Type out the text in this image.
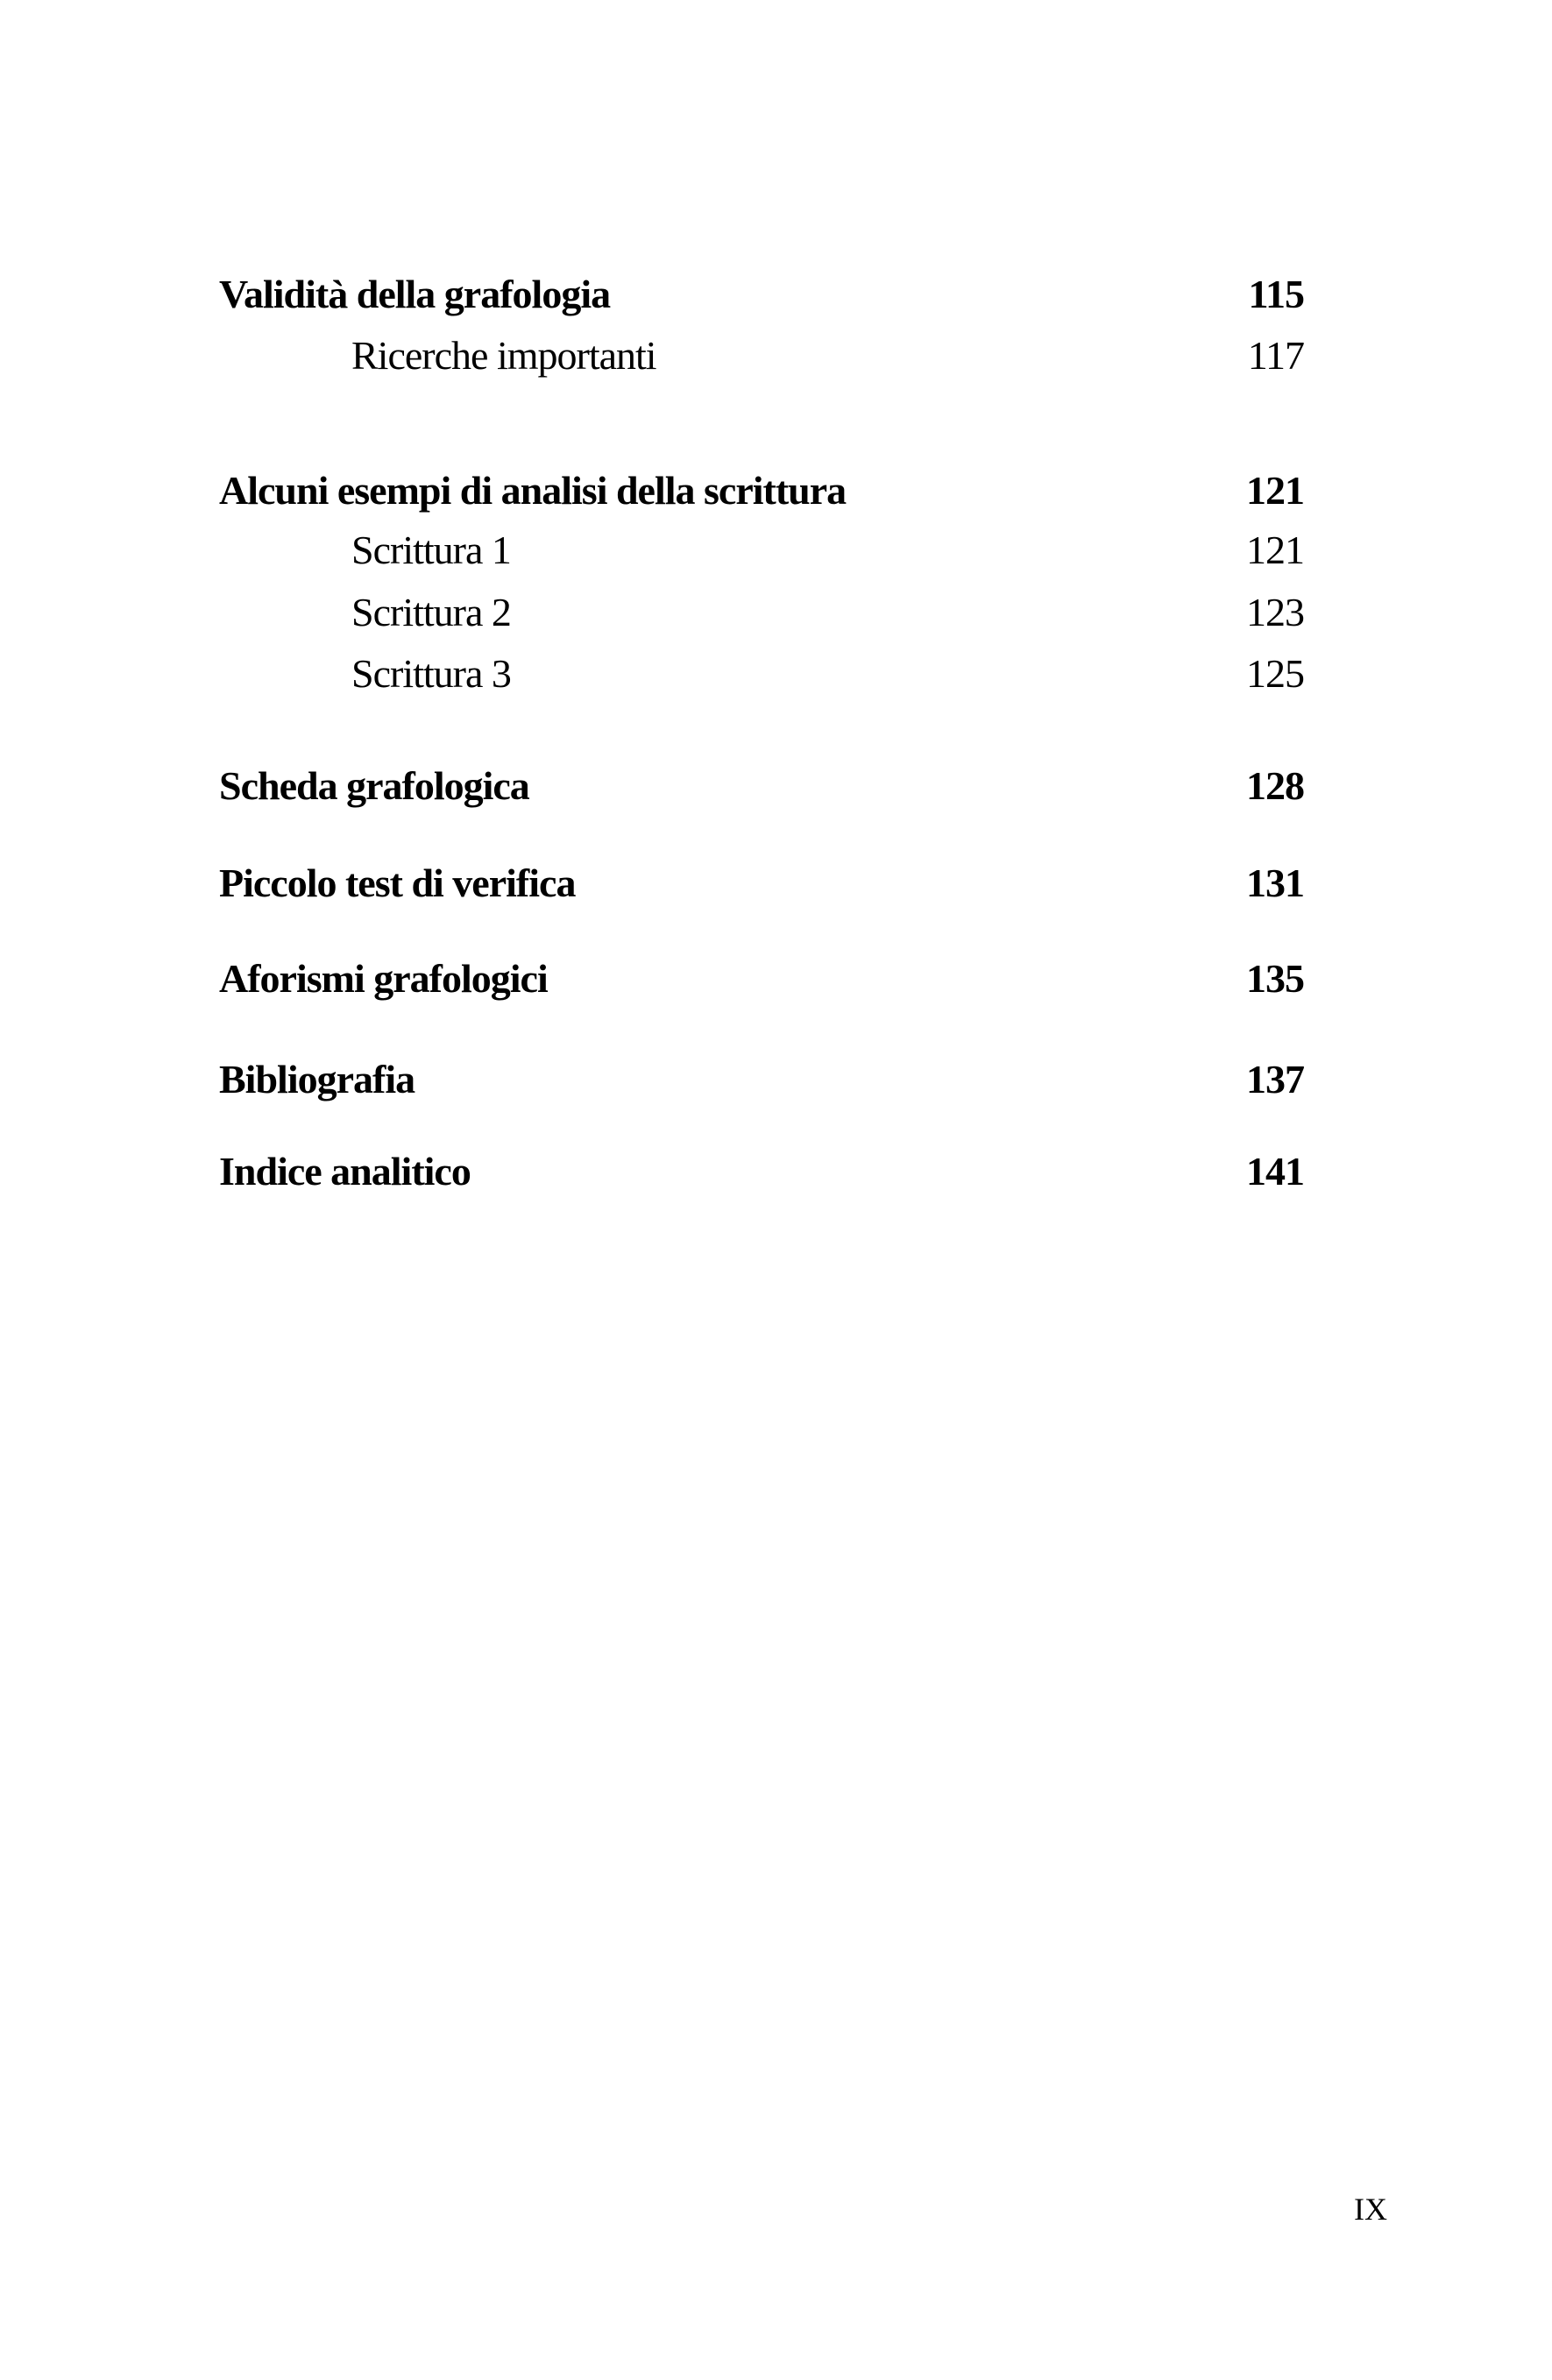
Validità della grafologia	115
Ricerche importanti	117
Alcuni esempi di analisi della scrittura	121
Scrittura 1	121
Scrittura 2	123
Scrittura 3	125
Scheda grafologica	128
Piccolo test di verifica	131
Aforismi grafologici	135
Bibliografia	137
Indice analitico	141
IX
